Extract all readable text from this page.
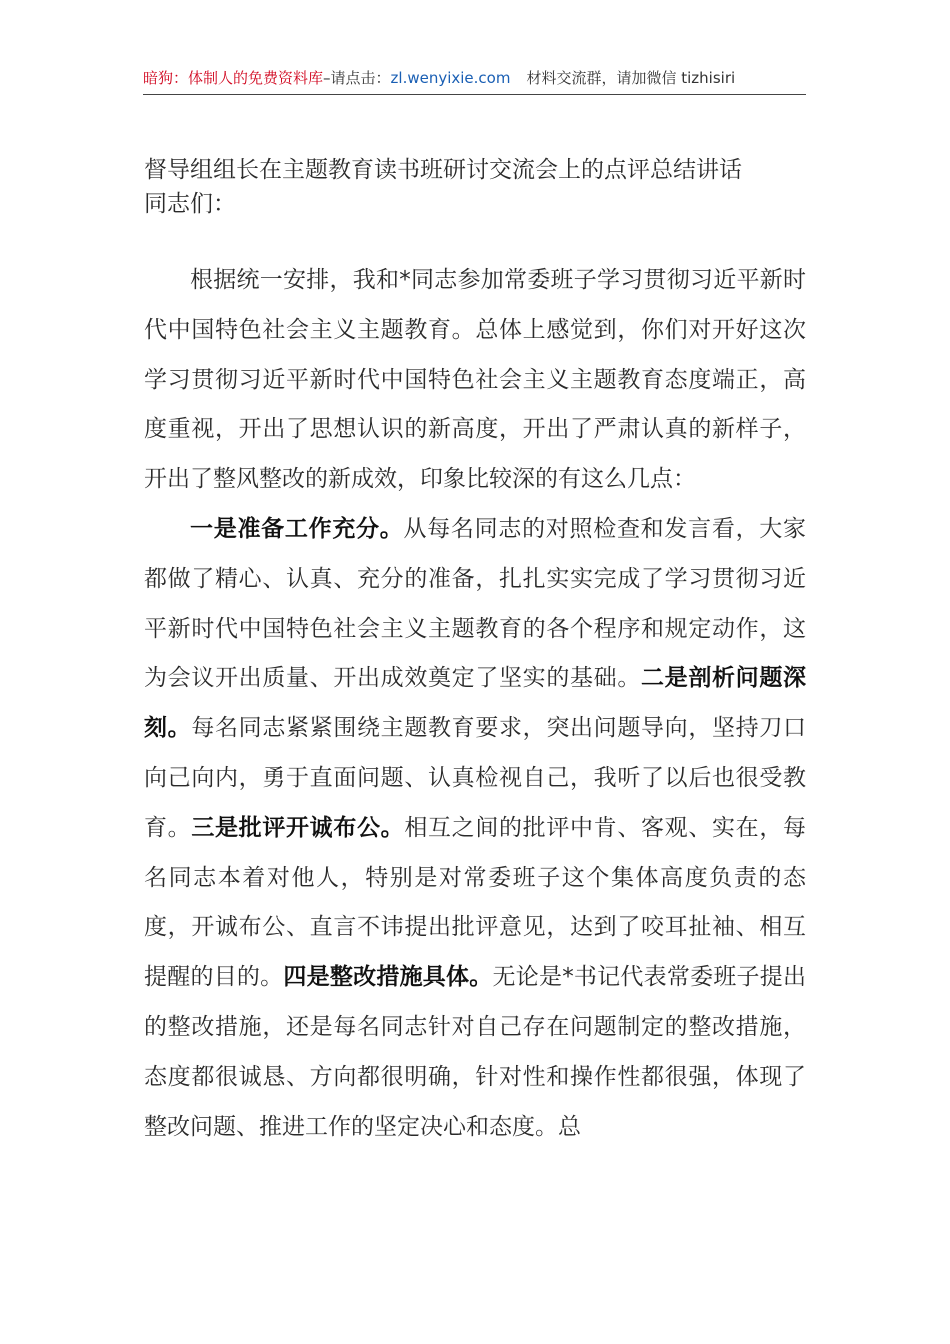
暗狗：体制人的免费资料库–请点击：zl.wenyixie.com 材料交流群，请加微信 tizhisiri
督导组组长在主题教育读书班研讨交流会上的点评总结讲话
同志们：

根据统一安排，我和*同志参加常委班子学习贯彻习近平新时代中国特色社会主义主题教育。总体上感觉到，你们对开好这次学习贯彻习近平新时代中国特色社会主义主题教育态度端正，高度重视，开出了思想认识的新高度，开出了严肃认真的新样子，开出了整风整改的新成效，印象比较深的有这么几点：

一是准备工作充分。从每名同志的对照检查和发言看，大家都做了精心、认真、充分的准备，扎扎实实完成了学习贯彻习近平新时代中国特色社会主义主题教育的各个程序和规定动作，这为会议开出质量、开出成效奠定了坚实的基础。二是剖析问题深刻。每名同志紧紧围绕主题教育要求，突出问题导向，坚持刀口向己向内，勇于直面问题、认真检视自己，我听了以后也很受教育。三是批评开诚布公。相互之间的批评中肯、客观、实在，每名同志本着对他人，特别是对常委班子这个集体高度负责的态度，开诚布公、直言不讳提出批评意见，达到了咬耳扯袖、相互提醒的目的。四是整改措施具体。无论是*书记代表常委班子提出的整改措施，还是每名同志针对自己存在问题制定的整改措施，态度都很诚恳、方向都很明确，针对性和操作性都很强，体现了整改问题、推进工作的坚定决心和态度。总
